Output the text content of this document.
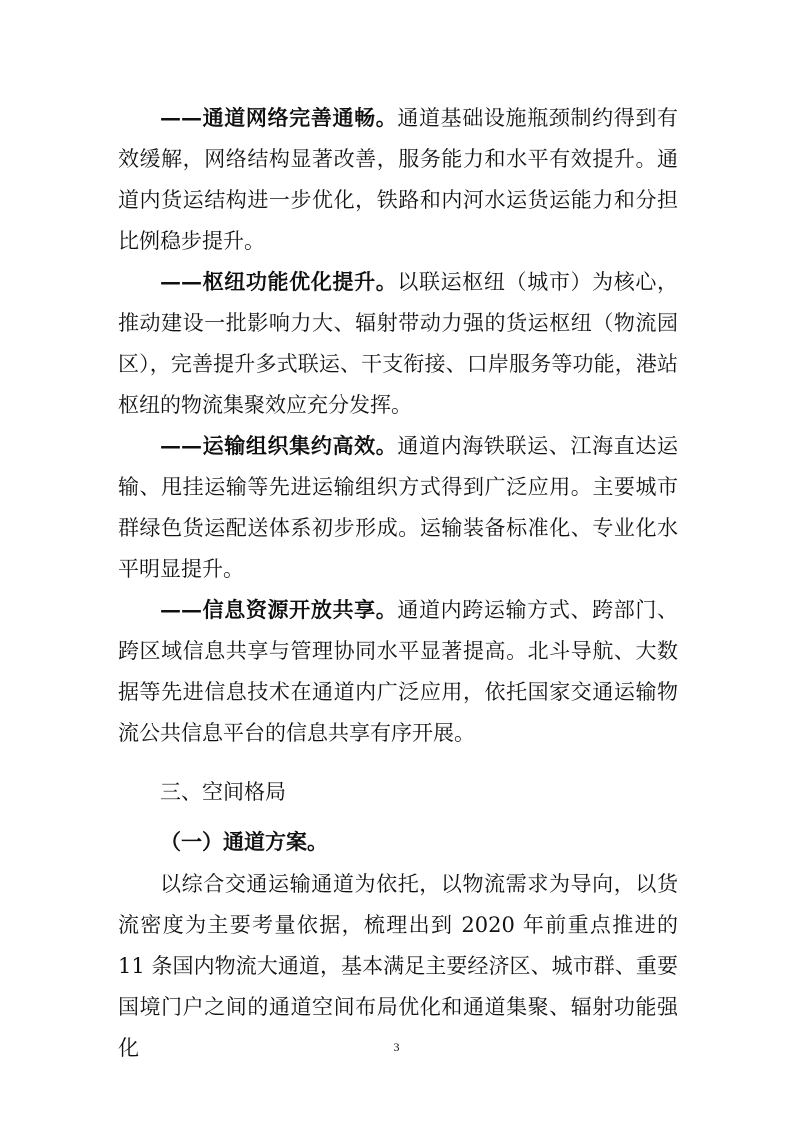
——通道网络完善通畅。通道基础设施瓶颈制约得到有效缓解，网络结构显著改善，服务能力和水平有效提升。通道内货运结构进一步优化，铁路和内河水运货运能力和分担比例稳步提升。

——枢纽功能优化提升。以联运枢纽（城市）为核心，推动建设一批影响力大、辐射带动力强的货运枢纽（物流园区），完善提升多式联运、干支衔接、口岸服务等功能，港站枢纽的物流集聚效应充分发挥。

——运输组织集约高效。通道内海铁联运、江海直达运输、甩挂运输等先进运输组织方式得到广泛应用。主要城市群绿色货运配送体系初步形成。运输装备标准化、专业化水平明显提升。

——信息资源开放共享。通道内跨运输方式、跨部门、跨区域信息共享与管理协同水平显著提高。北斗导航、大数据等先进信息技术在通道内广泛应用，依托国家交通运输物流公共信息平台的信息共享有序开展。

三、空间格局
（一）通道方案。

以综合交通运输通道为依托，以物流需求为导向，以货流密度为主要考量依据，梳理出到 2020 年前重点推进的 11 条国内物流大通道，基本满足主要经济区、城市群、重要国境门户之间的通道空间布局优化和通道集聚、辐射功能强化	3
